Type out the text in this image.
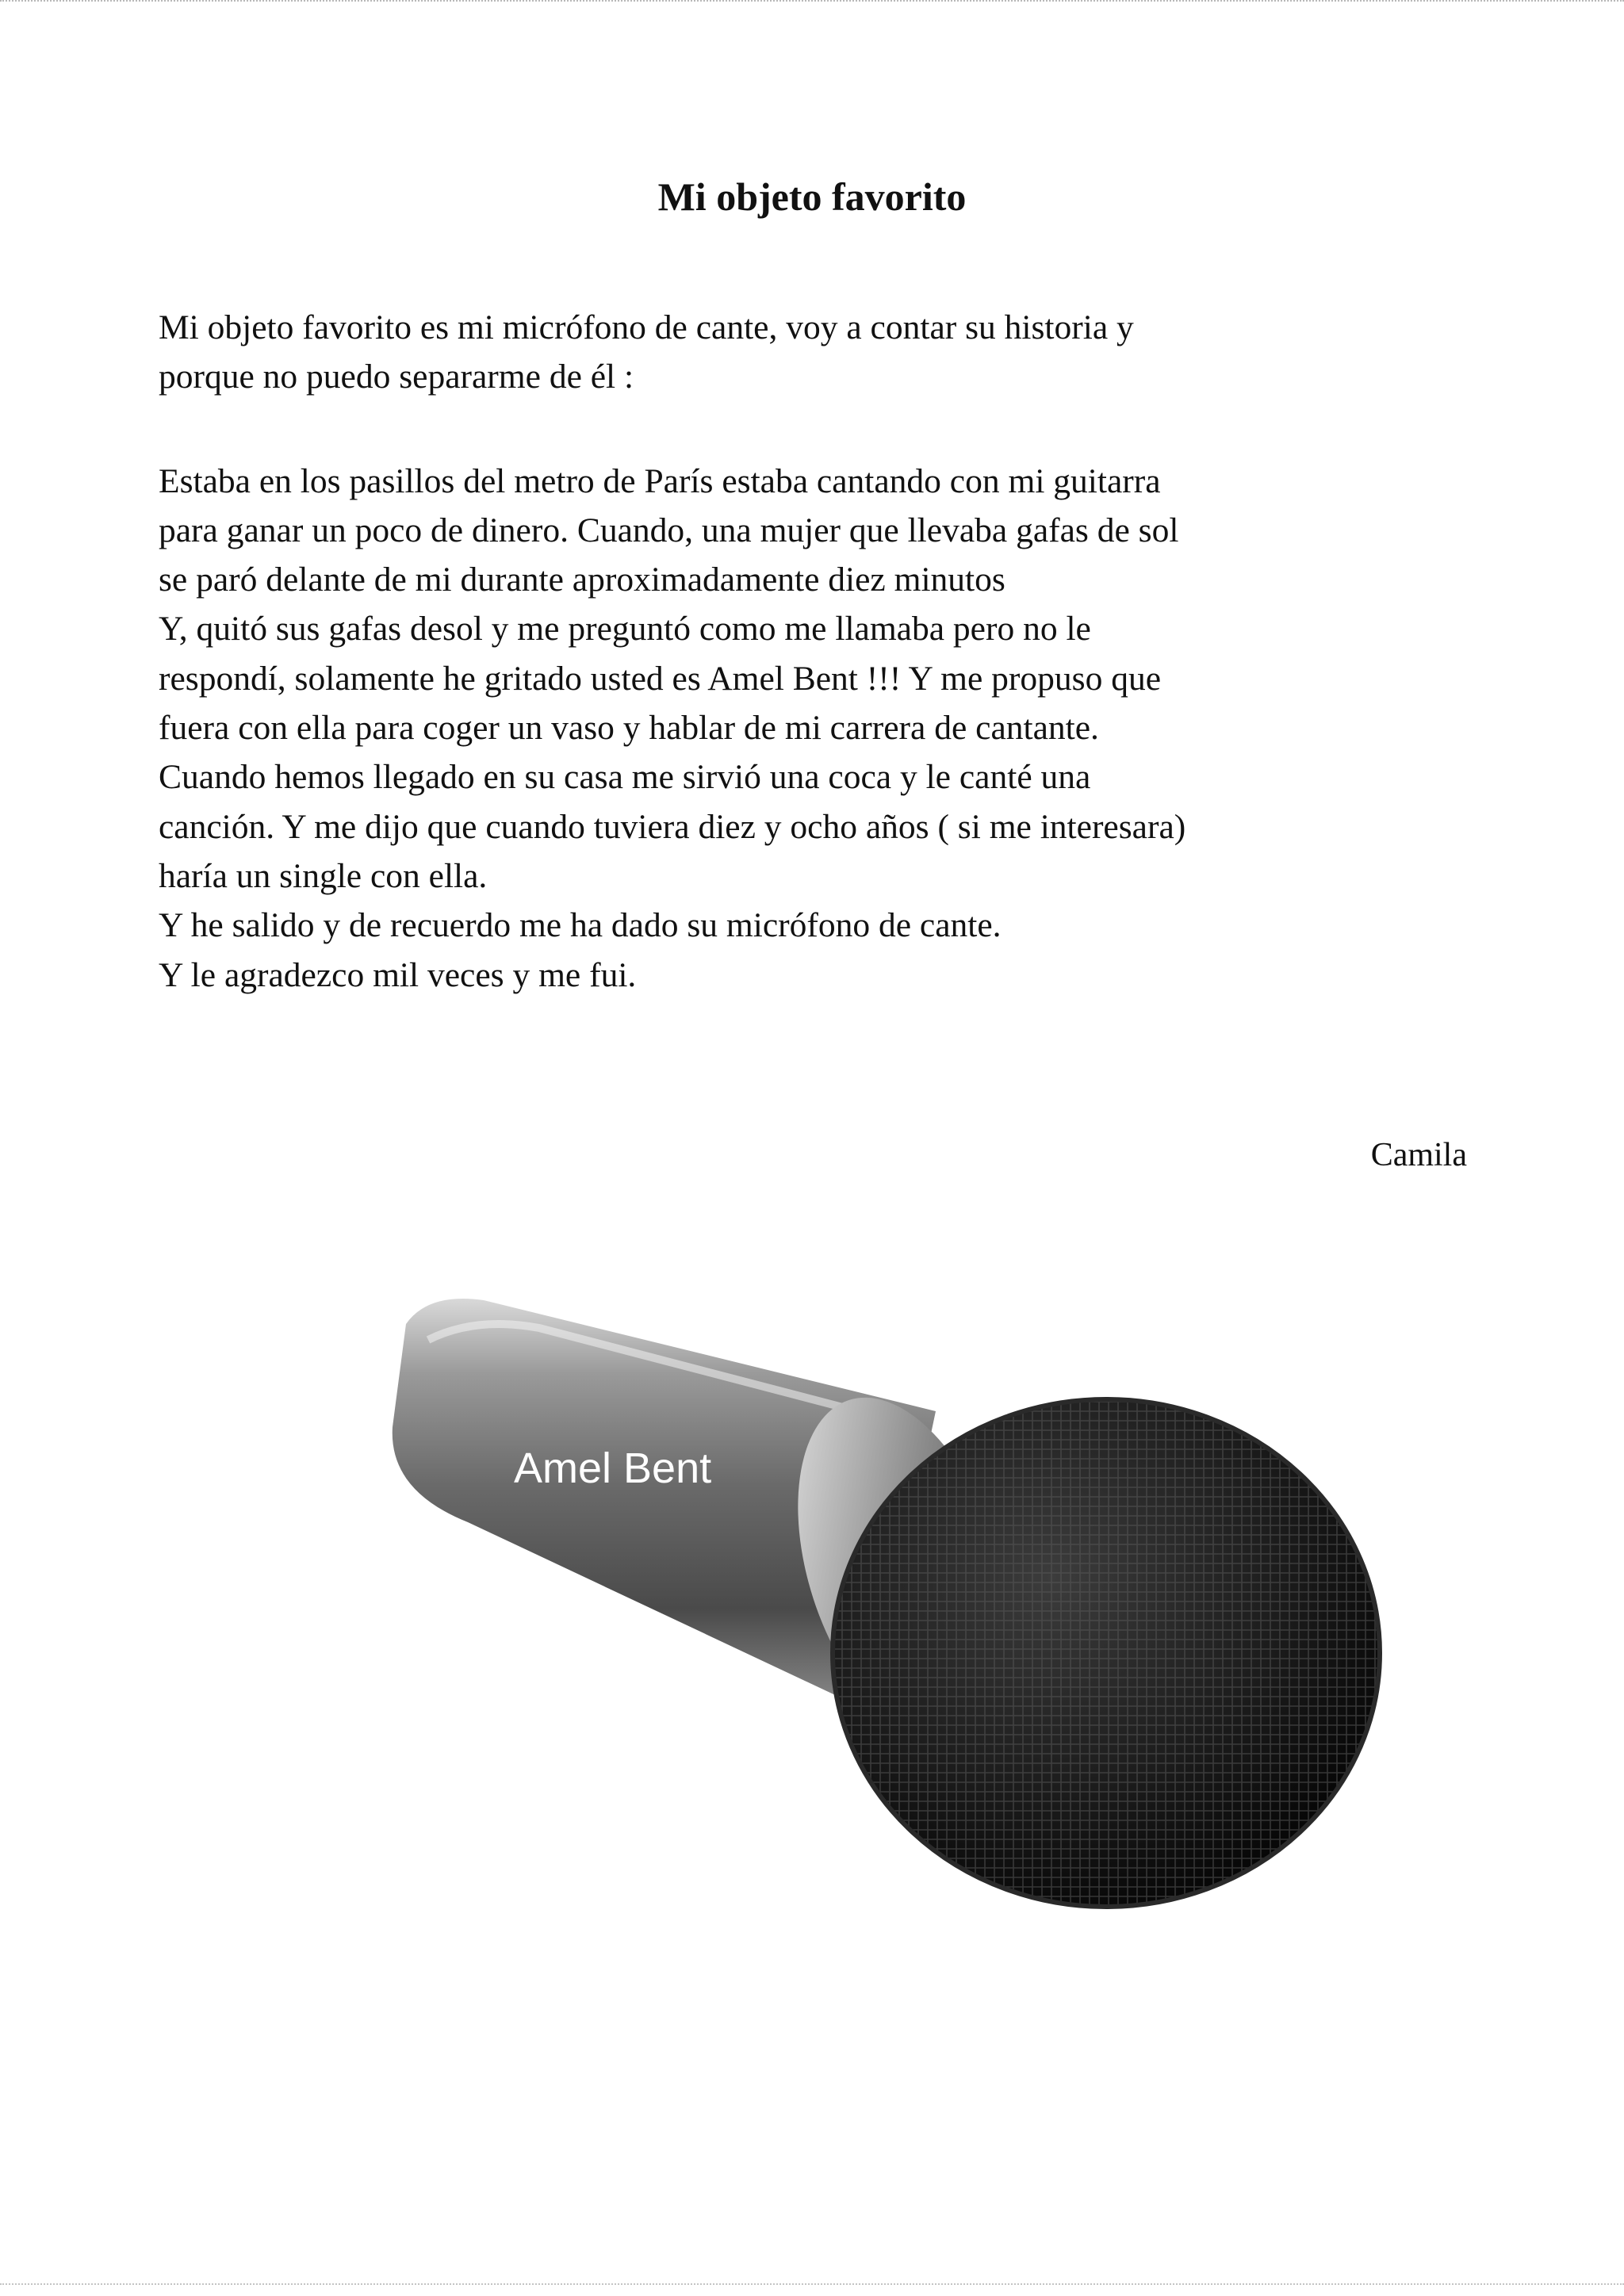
Mi objeto favorito

Mi objeto favorito es mi micrófono de cante, voy a contar su historia y

porque no puedo separarme de él :

Estaba en los pasillos del metro de París estaba cantando con mi guitarra

para ganar un poco de dinero. Cuando, una mujer que llevaba gafas de sol

se paró delante de mi durante aproximadamente diez minutos

Y, quitó sus gafas desol y me preguntó como me llamaba pero no le

respondí, solamente he gritado usted es Amel Bent !!! Y me propuso que

fuera con ella para coger un vaso y hablar de mi carrera de cantante.

Cuando hemos llegado en su casa me sirvió una coca y le canté una

canción. Y me dijo que cuando tuviera diez y ocho años ( si me interesara)

haría un single con ella.

Y he salido y de recuerdo me ha dado su micrófono de cante.

Y le agradezco mil veces y me fui.

Camila
Amel Bent
